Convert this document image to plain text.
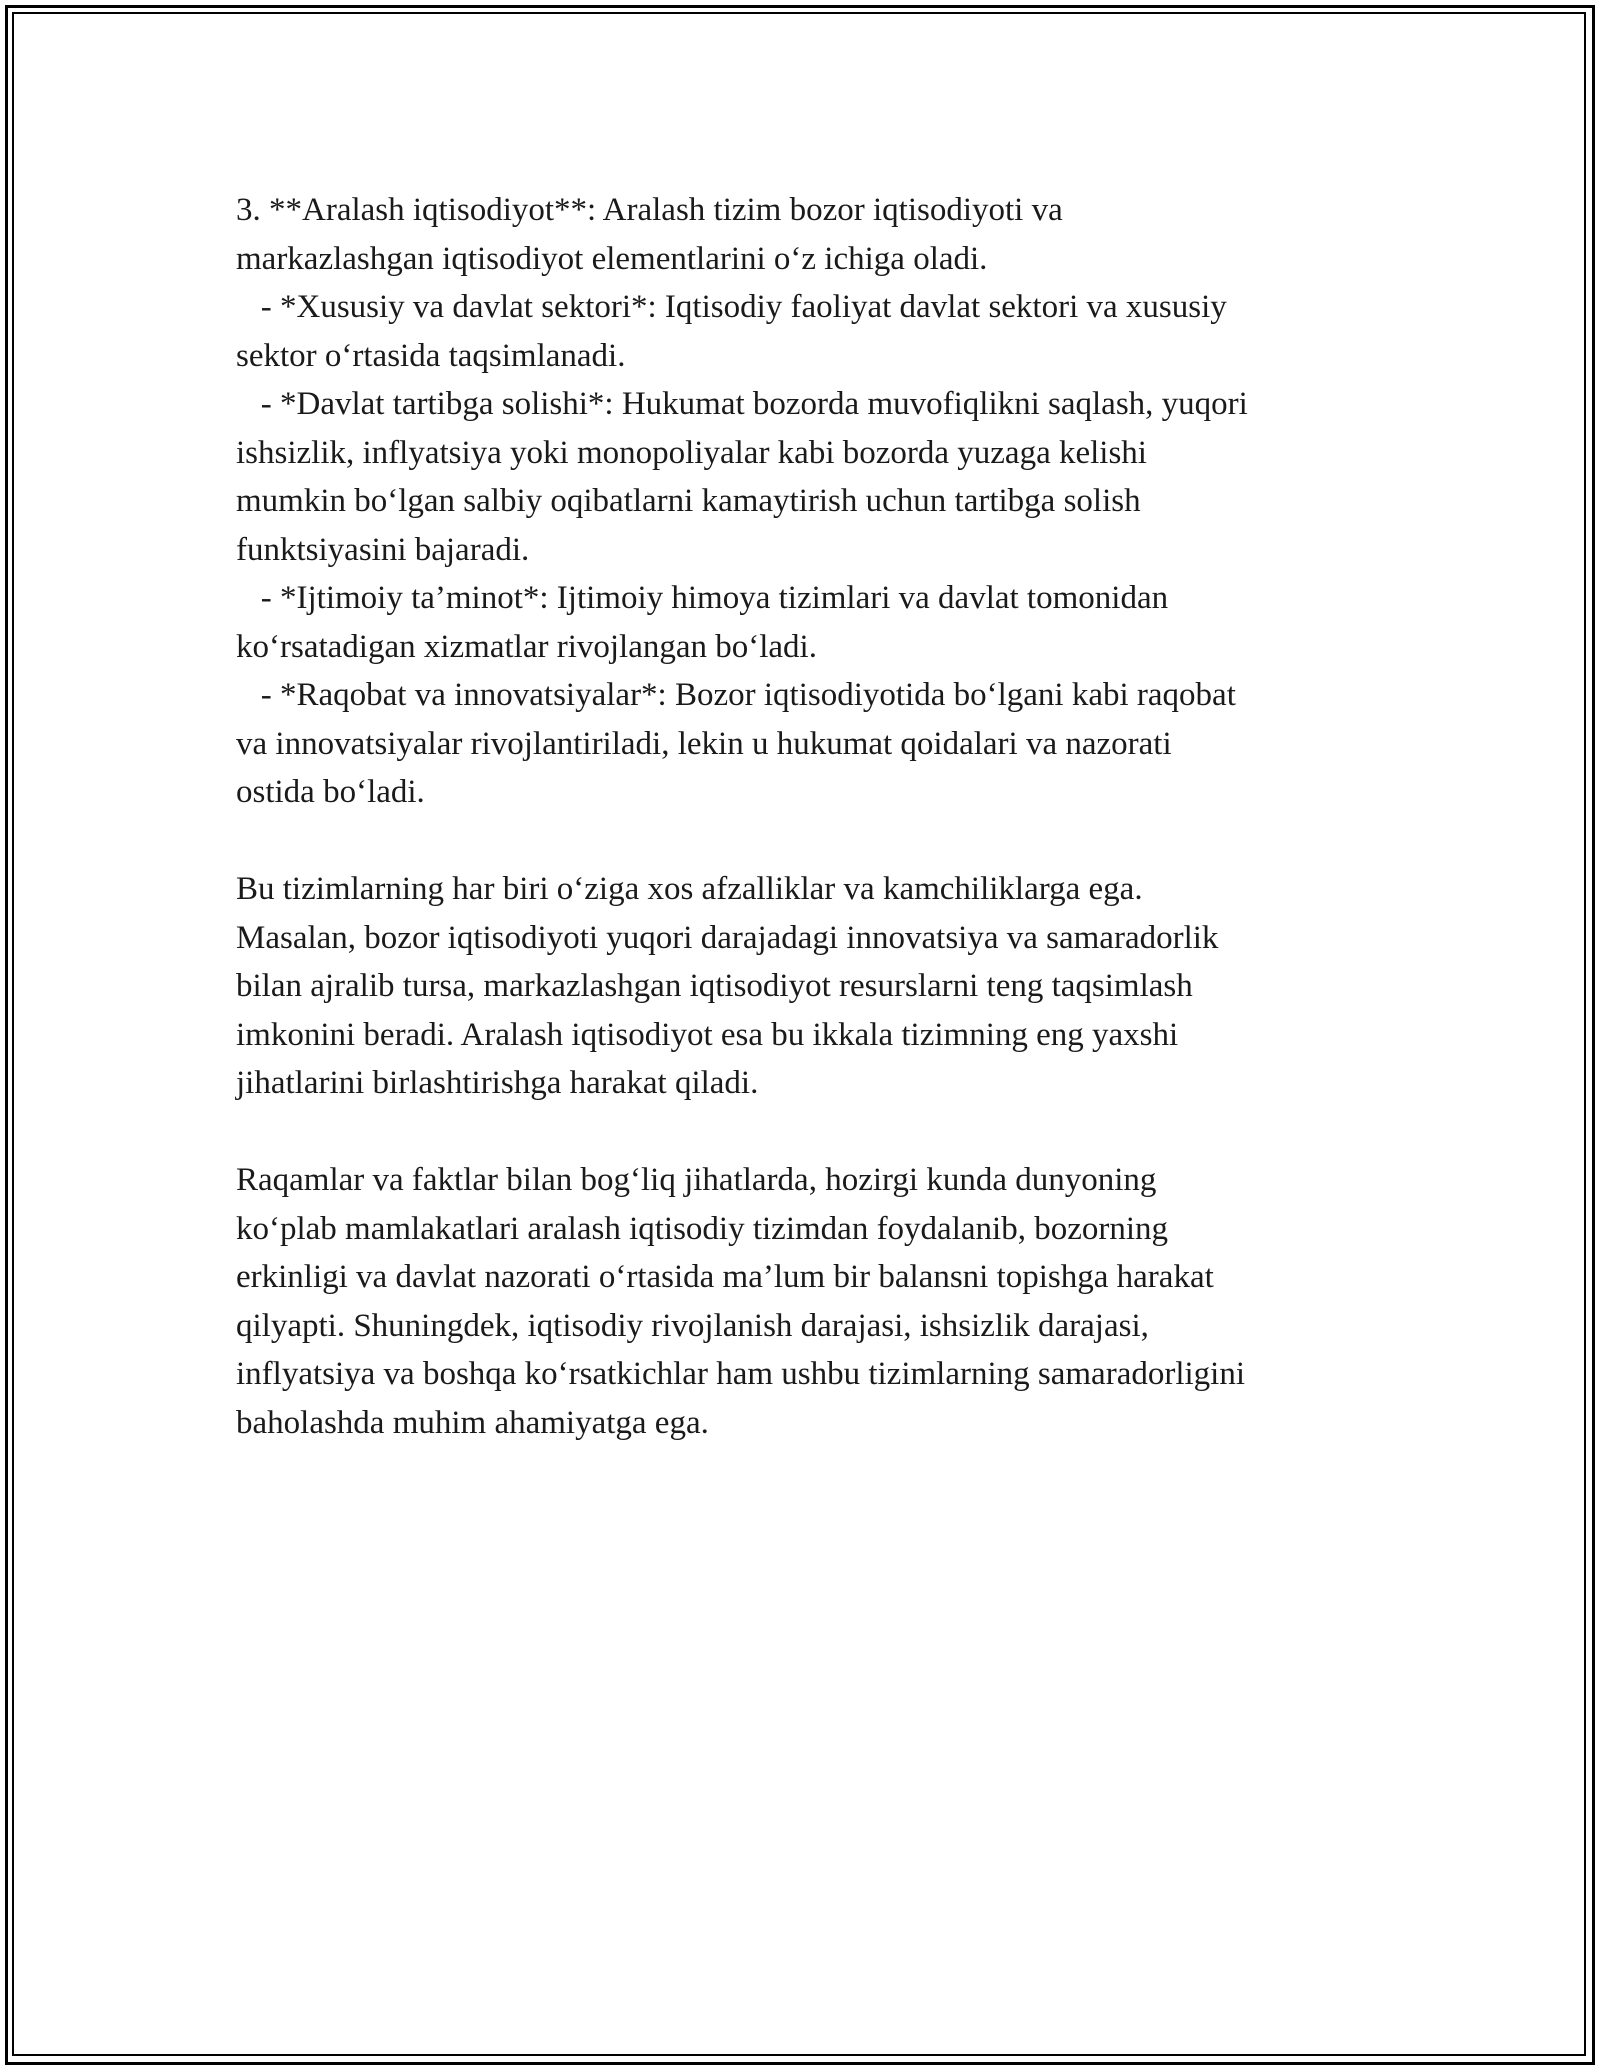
3. **Aralash iqtisodiyot**: Aralash tizim bozor iqtisodiyoti va

markazlashgan iqtisodiyot elementlarini o‘z ichiga oladi.

- *Xususiy va davlat sektori*: Iqtisodiy faoliyat davlat sektori va xususiy

sektor o‘rtasida taqsimlanadi.

- *Davlat tartibga solishi*: Hukumat bozorda muvofiqlikni saqlash, yuqori

ishsizlik, inflyatsiya yoki monopoliyalar kabi bozorda yuzaga kelishi

mumkin bo‘lgan salbiy oqibatlarni kamaytirish uchun tartibga solish

funktsiyasini bajaradi.

- *Ijtimoiy ta’minot*: Ijtimoiy himoya tizimlari va davlat tomonidan

ko‘rsatadigan xizmatlar rivojlangan bo‘ladi.

- *Raqobat va innovatsiyalar*: Bozor iqtisodiyotida bo‘lgani kabi raqobat

va innovatsiyalar rivojlantiriladi, lekin u hukumat qoidalari va nazorati

ostida bo‘ladi.

Bu tizimlarning har biri o‘ziga xos afzalliklar va kamchiliklarga ega.

Masalan, bozor iqtisodiyoti yuqori darajadagi innovatsiya va samaradorlik

bilan ajralib tursa, markazlashgan iqtisodiyot resurslarni teng taqsimlash

imkonini beradi. Aralash iqtisodiyot esa bu ikkala tizimning eng yaxshi

jihatlarini birlashtirishga harakat qiladi.

Raqamlar va faktlar bilan bog‘liq jihatlarda, hozirgi kunda dunyoning

ko‘plab mamlakatlari aralash iqtisodiy tizimdan foydalanib, bozorning

erkinligi va davlat nazorati o‘rtasida ma’lum bir balansni topishga harakat

qilyapti. Shuningdek, iqtisodiy rivojlanish darajasi, ishsizlik darajasi,

inflyatsiya va boshqa ko‘rsatkichlar ham ushbu tizimlarning samaradorligini

baholashda muhim ahamiyatga ega.
